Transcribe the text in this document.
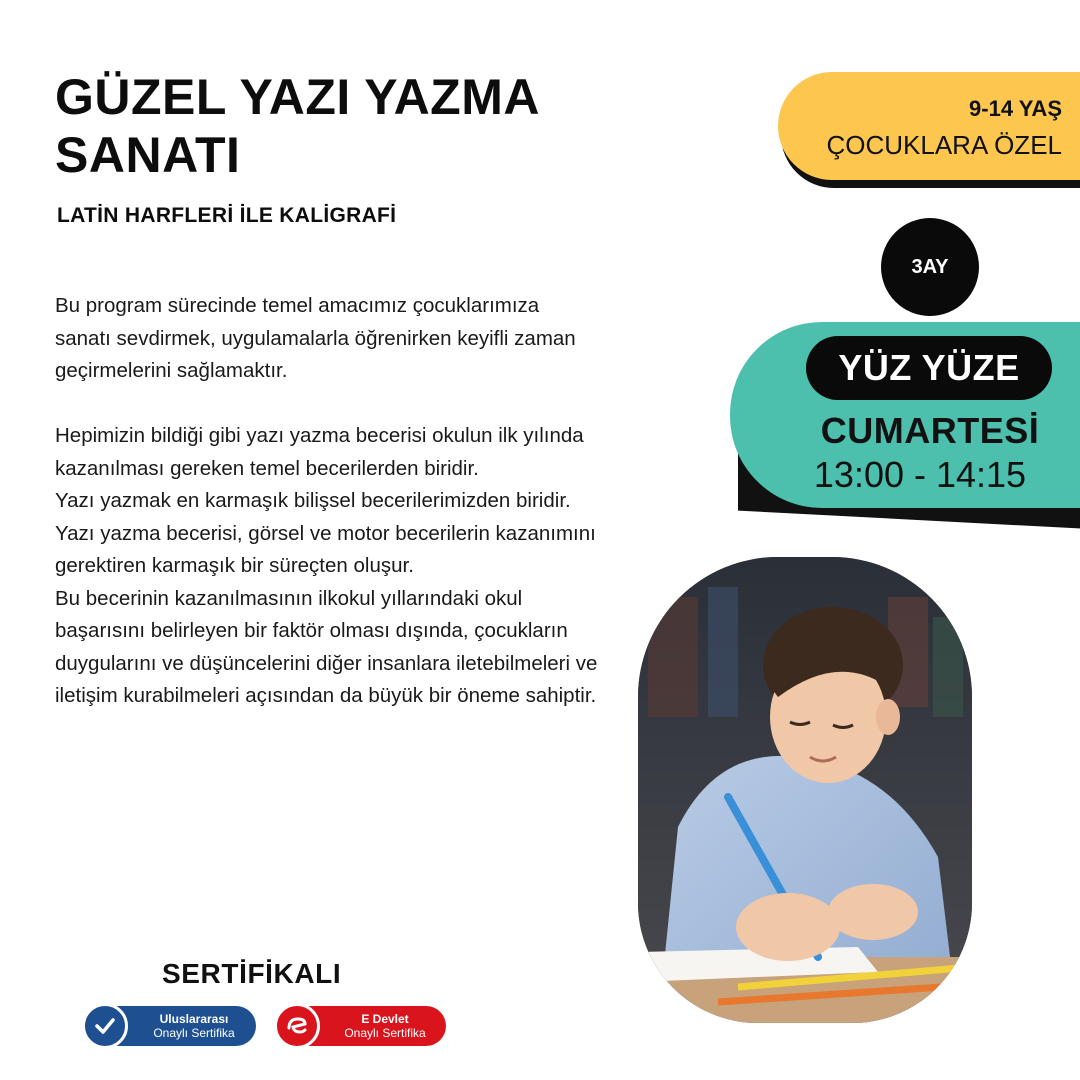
GÜZEL YAZI YAZMA
SANATI
LATİN HARFLERİ İLE KALİGRAFİ

Bu program sürecinde temel amacımız çocuklarımıza sanatı sevdirmek, uygulamalarla öğrenirken keyifli zaman geçirmelerini sağlamaktır.

Hepimizin bildiği gibi yazı yazma becerisi okulun ilk yılında kazanılması gereken temel becerilerden biridir.

Yazı yazmak en karmaşık bilişsel becerilerimizden biridir.

Yazı yazma becerisi, görsel ve motor becerilerin kazanımını gerektiren karmaşık bir süreçten oluşur.

Bu becerinin kazanılmasının ilkokul yıllarındaki okul başarısını belirleyen bir faktör olması dışında, çocukların duygularını ve düşüncelerini diğer insanlara iletebilmeleri ve iletişim kurabilmeleri açısından da büyük bir öneme sahiptir.

9-14 YAŞ
ÇOCUKLARA ÖZEL
3AY
YÜZ YÜZE
CUMARTESİ
13:00 - 14:15
SERTİFİKALI
Uluslararası
Onaylı Sertifika
E Devlet
Onaylı Sertifika
